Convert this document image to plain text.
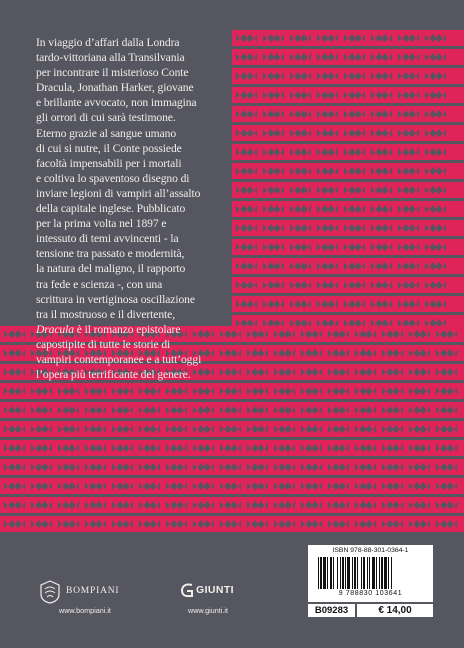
In viaggio d’affari dalla Londra
tardo-vittoriana alla Transilvania
per incontrare il misterioso Conte
Dracula, Jonathan Harker, giovane
e brillante avvocato, non immagina
gli orrori di cui sarà testimone.
Eterno grazie al sangue umano
di cui si nutre, il Conte possiede
facoltà impensabili per i mortali
e coltiva lo spaventoso disegno di
inviare legioni di vampiri all’assalto
della capitale inglese. Pubblicato
per la prima volta nel 1897 e
intessuto di temi avvincenti - la
tensione tra passato e modernità,
la natura del maligno, il rapporto
tra fede e scienza -, con una
scrittura in vertiginosa oscillazione
tra il mostruoso e il divertente,
Dracula è il romanzo epistolare
capostipite di tutte le storie di
vampiri contemporanee e a tutt’oggi
l’opera più terrificante del genere.
BOMPIANI
www.bompiani.it
GIUNTI
www.giunti.it
ISBN 978-88-301-0364-1
9 788830 103641
B09283	€ 14,00
